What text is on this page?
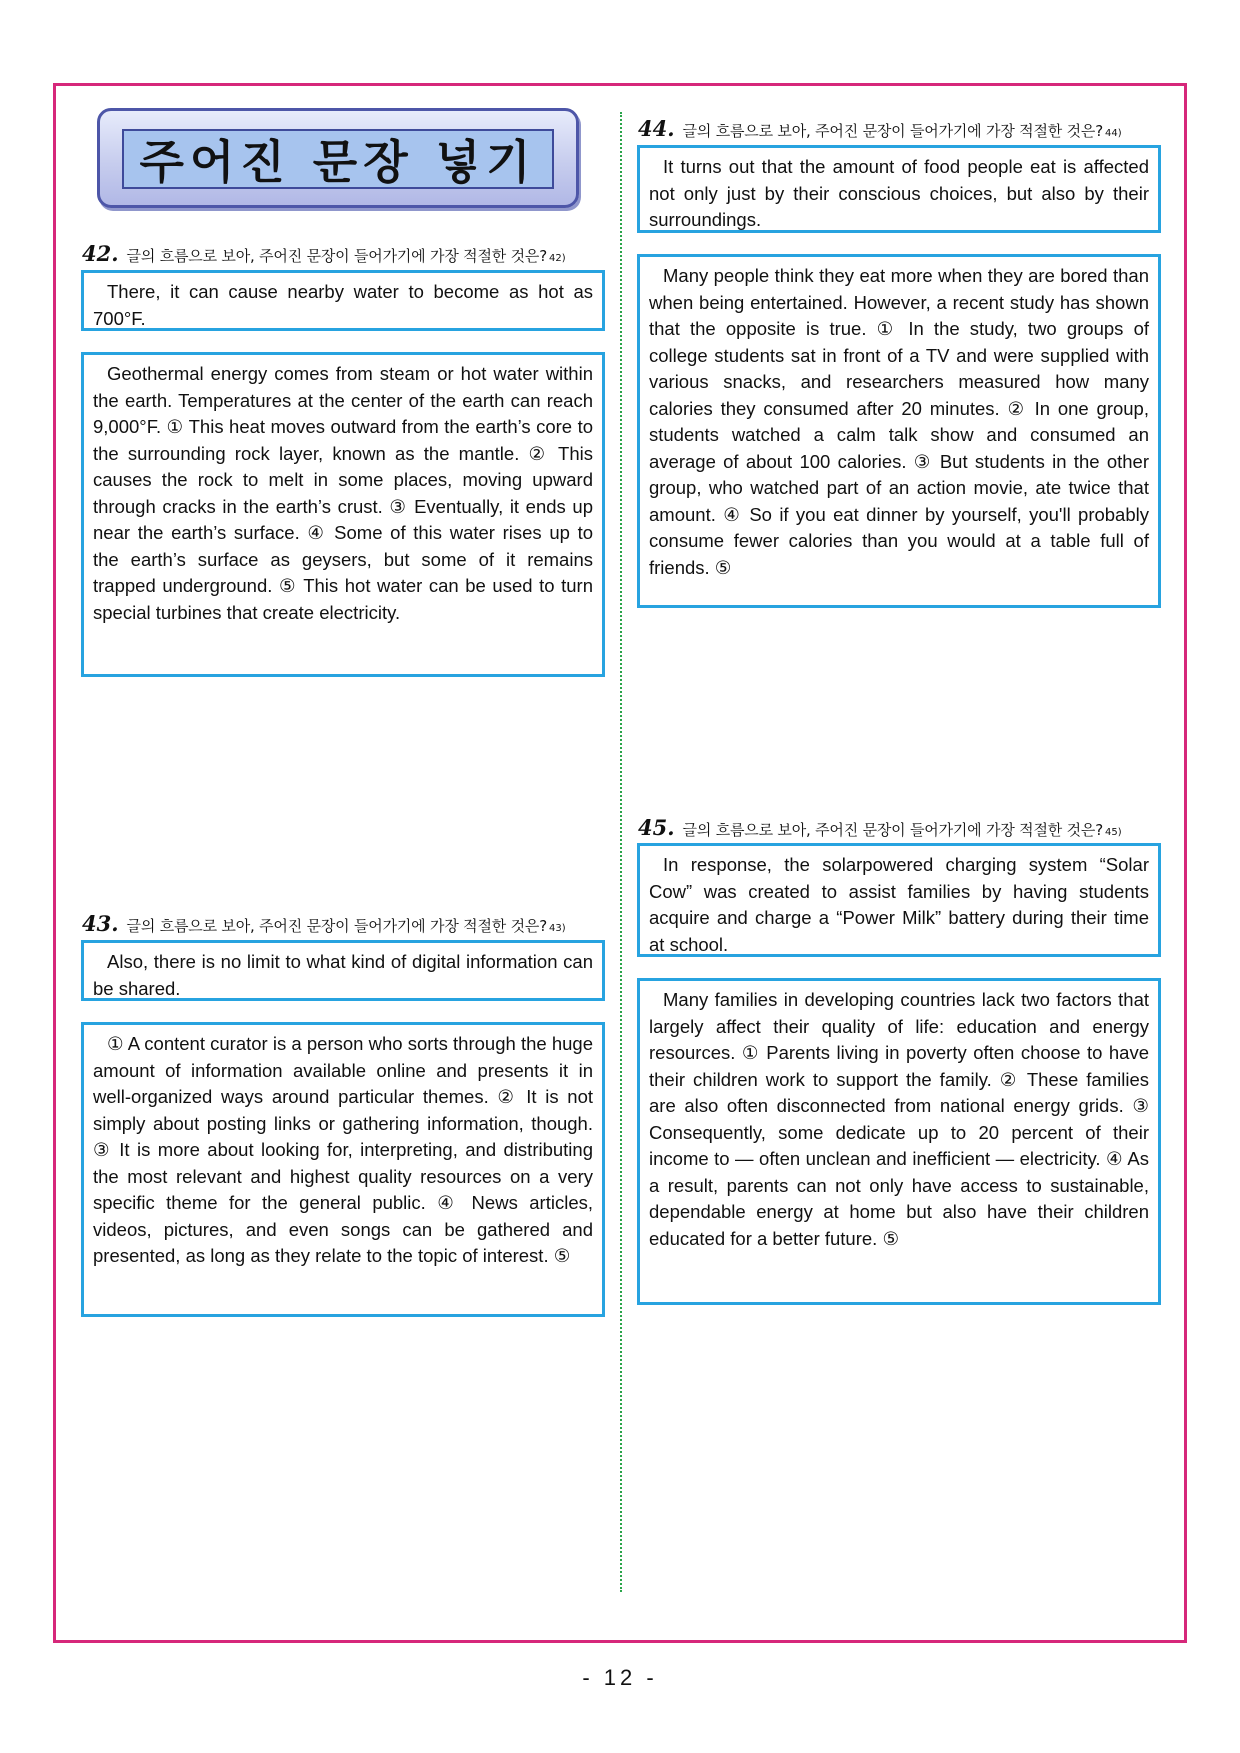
주어진 문장 넣기
42. 글의 흐름으로 보아, 주어진 문장이 들어가기에 가장 적절한 것은? 42)

There, it can cause nearby water to become as hot as 700°F.

Geothermal energy comes from steam or hot water within the earth. Temperatures at the center of the earth can reach 9,000°F. ① This heat moves outward from the earth’s core to the surrounding rock layer, known as the mantle. ② This causes the rock to melt in some places, moving upward through cracks in the earth’s crust. ③ Eventually, it ends up near the earth’s surface. ④ Some of this water rises up to the earth’s surface as geysers, but some of it remains trapped underground. ⑤ This hot water can be used to turn special turbines that create electricity.

43. 글의 흐름으로 보아, 주어진 문장이 들어가기에 가장 적절한 것은? 43)

Also, there is no limit to what kind of digital information can be shared.

① A content curator is a person who sorts through the huge amount of information available online and presents it in well-organized ways around particular themes. ② It is not simply about posting links or gathering information, though. ③ It is more about looking for, interpreting, and distributing the most relevant and highest quality resources on a very specific theme for the general public. ④ News articles, videos, pictures, and even songs can be gathered and presented, as long as they relate to the topic of interest. ⑤

44. 글의 흐름으로 보아, 주어진 문장이 들어가기에 가장 적절한 것은? 44)

It turns out that the amount of food people eat is affected not only just by their conscious choices, but also by their surroundings.

Many people think they eat more when they are bored than when being entertained. However, a recent study has shown that the opposite is true. ① In the study, two groups of college students sat in front of a TV and were supplied with various snacks, and researchers measured how many calories they consumed after 20 minutes. ② In one group, students watched a calm talk show and consumed an average of about 100 calories. ③ But students in the other group, who watched part of an action movie, ate twice that amount. ④ So if you eat dinner by yourself, you'll probably consume fewer calories than you would at a table full of friends. ⑤

45. 글의 흐름으로 보아, 주어진 문장이 들어가기에 가장 적절한 것은? 45)

In response, the solarpowered charging system “Solar Cow” was created to assist families by having students acquire and charge a “Power Milk” battery during their time at school.

Many families in developing countries lack two factors that largely affect their quality of life: education and energy resources. ① Parents living in poverty often choose to have their children work to support the family. ② These families are also often disconnected from national energy grids. ③ Consequently, some dedicate up to 20 percent of their income to ― often unclean and inefficient ― electricity. ④ As a result, parents can not only have access to sustainable, dependable energy at home but also have their children educated for a better future. ⑤

- 12 -
